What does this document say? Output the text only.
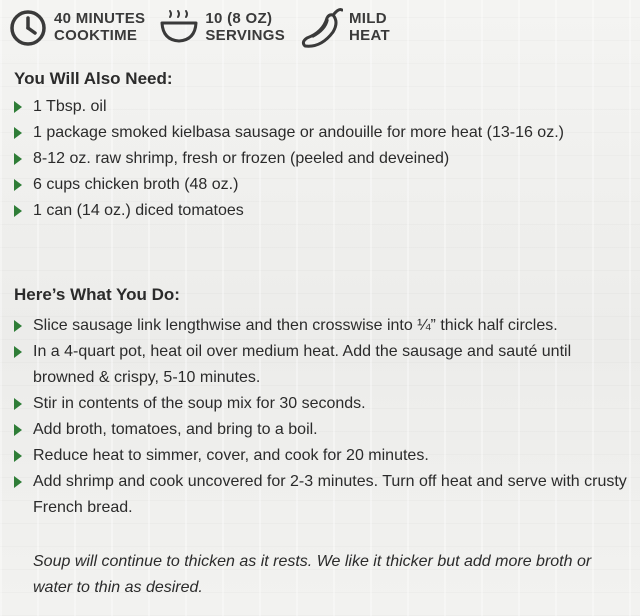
40 MINUTES
COOKTIME
10 (8 OZ)
SERVINGS
MILD
HEAT
You Will Also Need:
1 Tbsp. oil
1 package smoked kielbasa sausage or andouille for more heat (13-16 oz.)
8-12 oz. raw shrimp, fresh or frozen (peeled and deveined)
6 cups chicken broth (48 oz.)
1 can (14 oz.) diced tomatoes
Here’s What You Do:
Slice sausage link lengthwise and then crosswise into ¼” thick half circles.
In a 4-quart pot, heat oil over medium heat. Add the sausage and sauté until browned & crispy, 5-10 minutes.
Stir in contents of the soup mix for 30 seconds.
Add broth, tomatoes, and bring to a boil.
Reduce heat to simmer, cover, and cook for 20 minutes.
Add shrimp and cook uncovered for 2-3 minutes. Turn off heat and serve with crusty French bread.
Soup will continue to thicken as it rests. We like it thicker but add more broth or water to thin as desired.
